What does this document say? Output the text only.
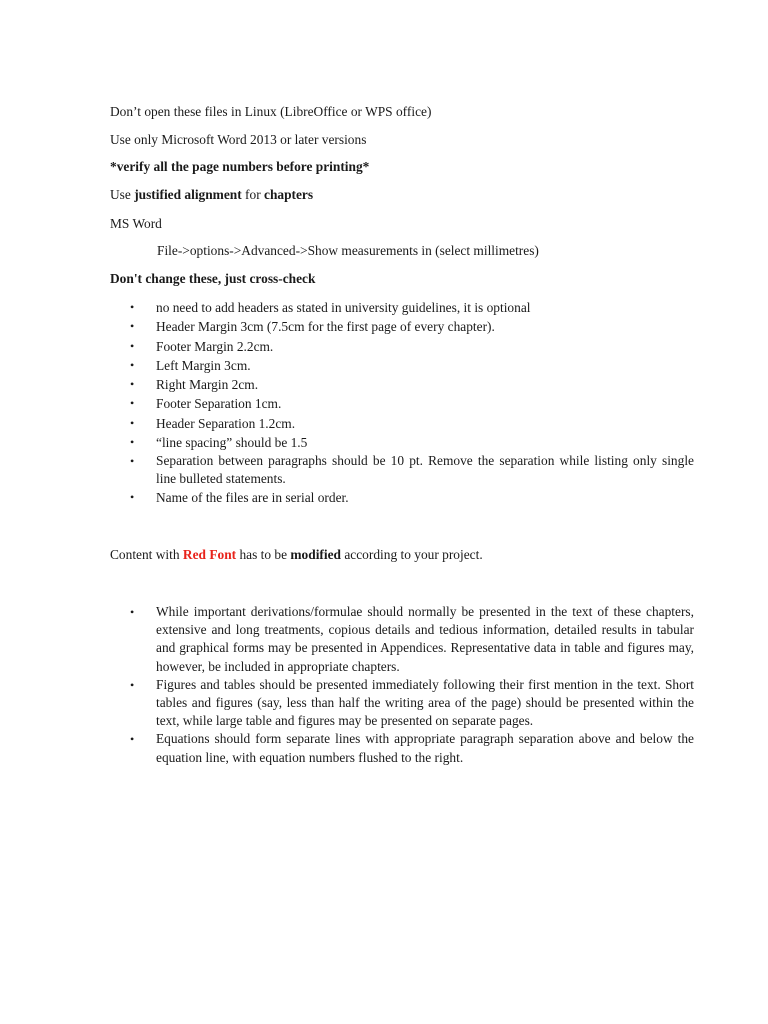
Don’t open these files in Linux (LibreOffice or WPS office)
Use only Microsoft Word 2013 or later versions
*verify all the page numbers before printing*
Use justified alignment for chapters
MS Word
File->options->Advanced->Show measurements in (select millimetres)
Don't change these, just cross-check
• no need to add headers as stated in university guidelines, it is optional
• Header Margin 3cm (7.5cm for the first page of every chapter).
• Footer Margin 2.2cm.
• Left Margin 3cm.
• Right Margin 2cm.
• Footer Separation 1cm.
• Header Separation 1.2cm.
• “line spacing” should be 1.5
• Separation between paragraphs should be 10 pt. Remove the separation while listing only single line bulleted statements.
• Name of the files are in serial order.
Content with Red Font has to be modified according to your project.
• While important derivations/formulae should normally be presented in the text of these chapters, extensive and long treatments, copious details and tedious information, detailed results in tabular and graphical forms may be presented in Appendices. Representative data in table and figures may, however, be included in appropriate chapters.
• Figures and tables should be presented immediately following their first mention in the text. Short tables and figures (say, less than half the writing area of the page) should be presented within the text, while large table and figures may be presented on separate pages.
• Equations should form separate lines with appropriate paragraph separation above and below the equation line, with equation numbers flushed to the right.
